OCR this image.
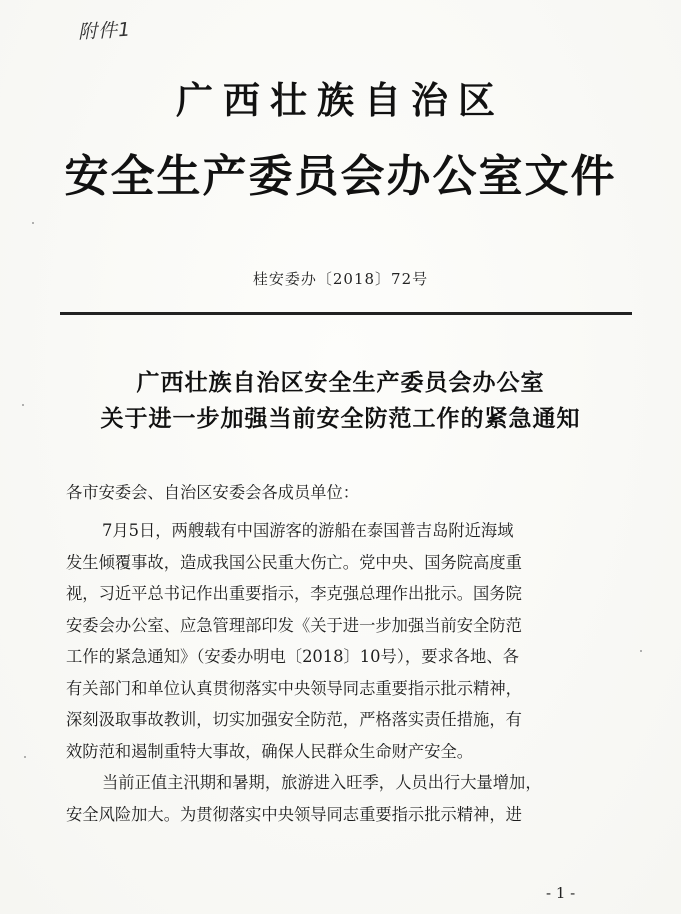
附件1
广西壮族自治区
安全生产委员会办公室文件
桂安委办〔2018〕72号
广西壮族自治区安全生产委员会办公室
关于进一步加强当前安全防范工作的紧急通知
各市安委会、自治区安委会各成员单位：
7月5日，两艘载有中国游客的游船在泰国普吉岛附近海域
发生倾覆事故，造成我国公民重大伤亡。党中央、国务院高度重
视，习近平总书记作出重要指示，李克强总理作出批示。国务院
安委会办公室、应急管理部印发《关于进一步加强当前安全防范
工作的紧急通知》（安委办明电〔2018〕10号），要求各地、各
有关部门和单位认真贯彻落实中央领导同志重要指示批示精神，
深刻汲取事故教训，切实加强安全防范，严格落实责任措施，有
效防范和遏制重特大事故，确保人民群众生命财产安全。
当前正值主汛期和暑期，旅游进入旺季，人员出行大量增加，
安全风险加大。为贯彻落实中央领导同志重要指示批示精神，进
- 1 -
